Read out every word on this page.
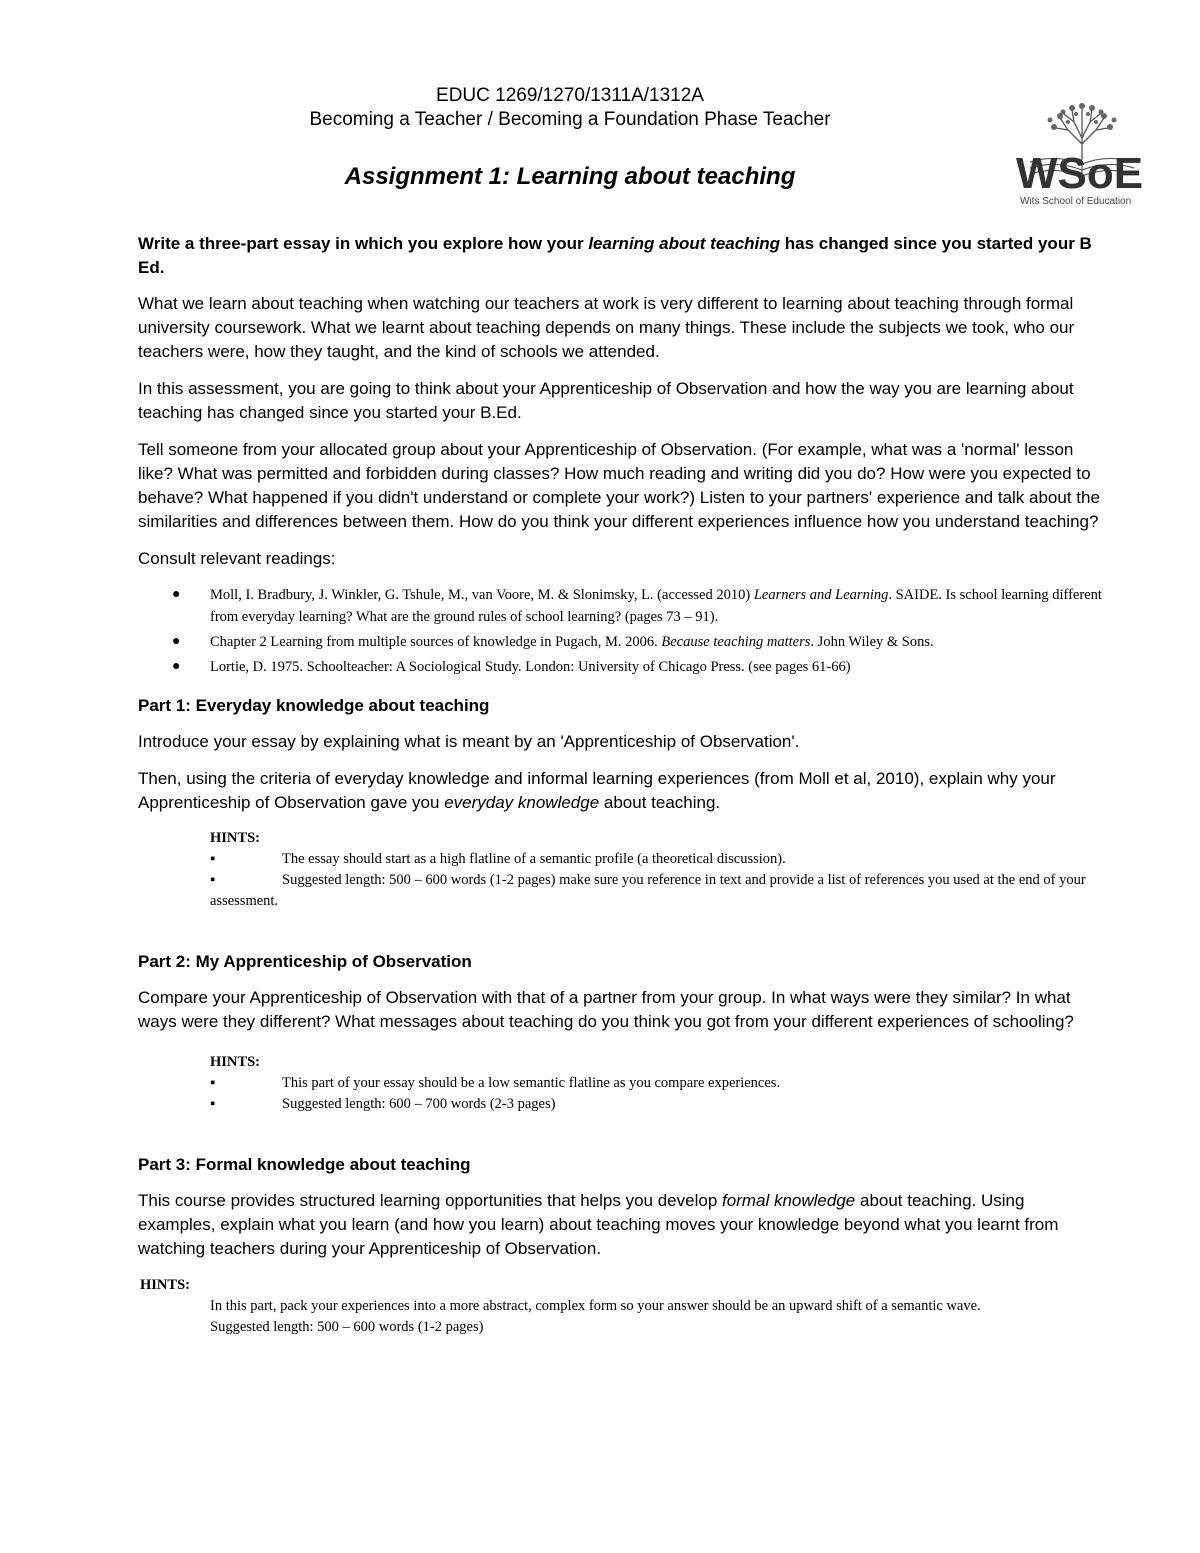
EDUC 1269/1270/1311A/1312A
Becoming a Teacher / Becoming a Foundation Phase Teacher
Assignment 1: Learning about teaching	WSoE
Wits School of Education

Write a three-part essay in which you explore how your learning about teaching has changed since you started your B Ed.

What we learn about teaching when watching our teachers at work is very different to learning about teaching through formal university coursework. What we learnt about teaching depends on many things. These include the subjects we took, who our teachers were, how they taught, and the kind of schools we attended.

In this assessment, you are going to think about your Apprenticeship of Observation and how the way you are learning about teaching has changed since you started your B.Ed.

Tell someone from your allocated group about your Apprenticeship of Observation. (For example, what was a 'normal' lesson like? What was permitted and forbidden during classes? How much reading and writing did you do? How were you expected to behave? What happened if you didn't understand or complete your work?) Listen to your partners' experience and talk about the similarities and differences between them. How do you think your different experiences influence how you understand teaching?

Consult relevant readings:

● Moll, I. Bradbury, J. Winkler, G. Tshule, M., van Voore, M. & Slonimsky, L. (accessed 2010) Learners and Learning. SAIDE. Is school learning different from everyday learning? What are the ground rules of school learning? (pages 73 – 91).
● Chapter 2 Learning from multiple sources of knowledge in Pugach, M. 2006. Because teaching matters. John Wiley & Sons.
● Lortie, D. 1975. Schoolteacher: A Sociological Study. London: University of Chicago Press. (see pages 61-66)
Part 1: Everyday knowledge about teaching

Introduce your essay by explaining what is meant by an 'Apprenticeship of Observation'.

Then, using the criteria of everyday knowledge and informal learning experiences (from Moll et al, 2010), explain why your Apprenticeship of Observation gave you everyday knowledge about teaching.

HINTS:
▪	The essay should start as a high flatline of a semantic profile (a theoretical discussion).
▪	Suggested length: 500 – 600 words (1-2 pages) make sure you reference in text and provide a list of references you used at the end of your assessment.
Part 2: My Apprenticeship of Observation

Compare your Apprenticeship of Observation with that of a partner from your group. In what ways were they similar? In what ways were they different? What messages about teaching do you think you got from your different experiences of schooling?

HINTS:
▪	This part of your essay should be a low semantic flatline as you compare experiences.
▪	Suggested length: 600 – 700 words (2-3 pages)
Part 3: Formal knowledge about teaching

This course provides structured learning opportunities that helps you develop formal knowledge about teaching. Using examples, explain what you learn (and how you learn) about teaching moves your knowledge beyond what you learnt from watching teachers during your Apprenticeship of Observation.

HINTS:
In this part, pack your experiences into a more abstract, complex form so your answer should be an upward shift of a semantic wave.
Suggested length: 500 – 600 words (1-2 pages)
